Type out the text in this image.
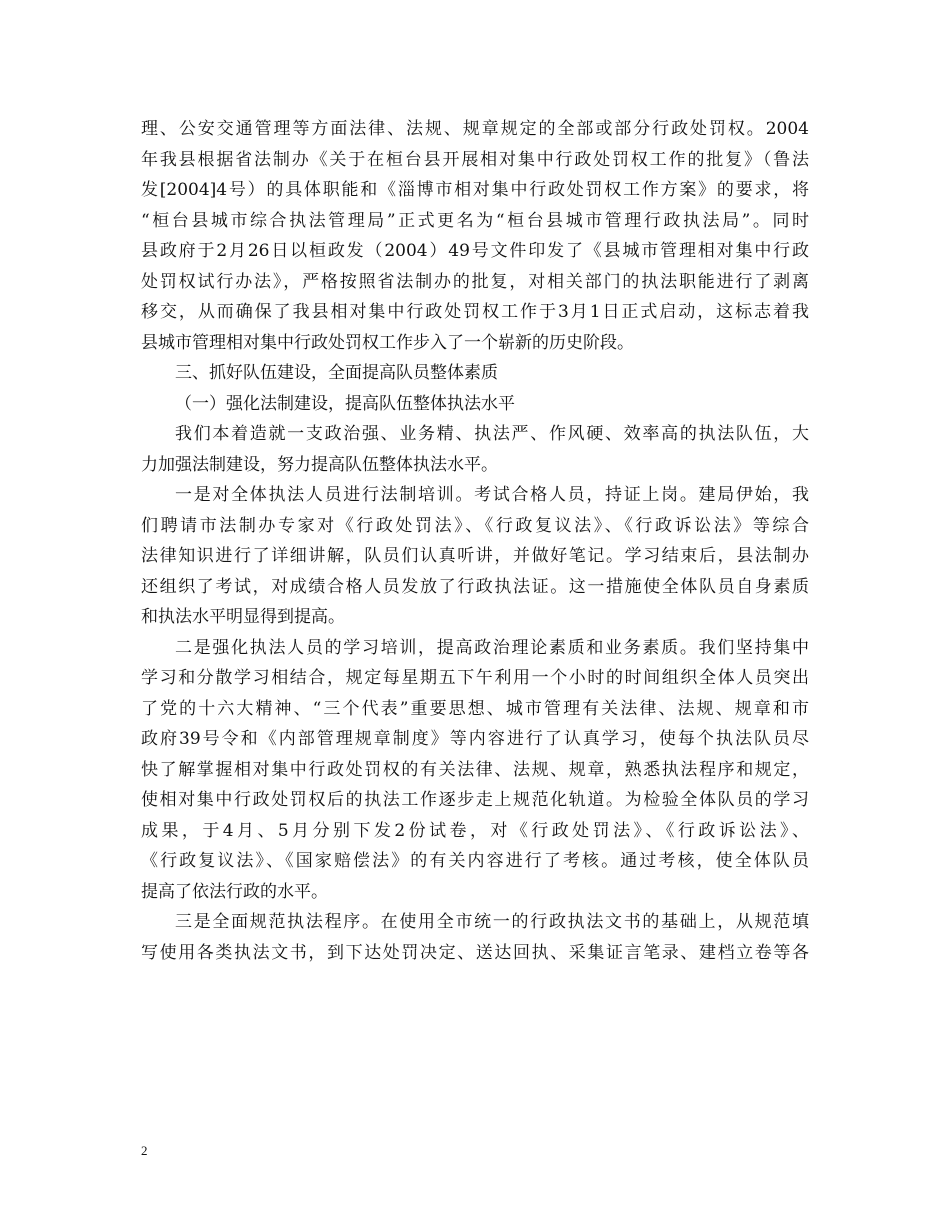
理、公安交通管理等方面法律、法规、规章规定的全部或部分行政处罚权。2004
年我县根据省法制办《关于在桓台县开展相对集中行政处罚权工作的批复》（鲁法
发[2004]4号）的具体职能和《淄博市相对集中行政处罚权工作方案》的要求，将
“桓台县城市综合执法管理局”正式更名为“桓台县城市管理行政执法局”。同时
县政府于2月26日以桓政发（2004）49号文件印发了《县城市管理相对集中行政
处罚权试行办法》，严格按照省法制办的批复，对相关部门的执法职能进行了剥离
移交，从而确保了我县相对集中行政处罚权工作于3月1日正式启动，这标志着我
县城市管理相对集中行政处罚权工作步入了一个崭新的历史阶段。
三、抓好队伍建设，全面提高队员整体素质
（一）强化法制建设，提高队伍整体执法水平
我们本着造就一支政治强、业务精、执法严、作风硬、效率高的执法队伍，大
力加强法制建设，努力提高队伍整体执法水平。
一是对全体执法人员进行法制培训。考试合格人员，持证上岗。建局伊始，我
们聘请市法制办专家对《行政处罚法》、《行政复议法》、《行政诉讼法》等综合
法律知识进行了详细讲解，队员们认真听讲，并做好笔记。学习结束后，县法制办
还组织了考试，对成绩合格人员发放了行政执法证。这一措施使全体队员自身素质
和执法水平明显得到提高。
二是强化执法人员的学习培训，提高政治理论素质和业务素质。我们坚持集中
学习和分散学习相结合，规定每星期五下午利用一个小时的时间组织全体人员突出
了党的十六大精神、“三个代表”重要思想、城市管理有关法律、法规、规章和市
政府39号令和《内部管理规章制度》等内容进行了认真学习，使每个执法队员尽
快了解掌握相对集中行政处罚权的有关法律、法规、规章，熟悉执法程序和规定，
使相对集中行政处罚权后的执法工作逐步走上规范化轨道。为检验全体队员的学习
成果，于4月、5月分别下发2份试卷，对《行政处罚法》、《行政诉讼法》、
《行政复议法》、《国家赔偿法》的有关内容进行了考核。通过考核，使全体队员
提高了依法行政的水平。
三是全面规范执法程序。在使用全市统一的行政执法文书的基础上，从规范填
写使用各类执法文书，到下达处罚决定、送达回执、采集证言笔录、建档立卷等各
2
